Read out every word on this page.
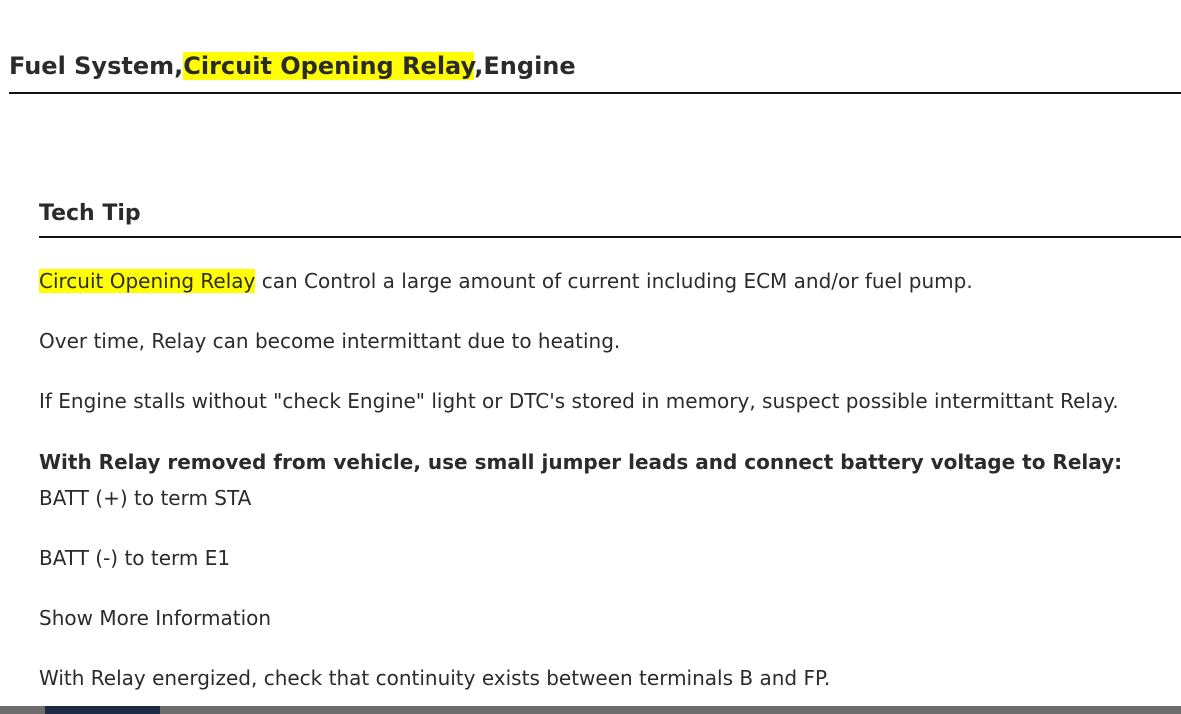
Fuel System,Circuit Opening Relay,Engine
Tech Tip
Circuit Opening Relay can Control a large amount of current including ECM and/or fuel pump.
Over time, Relay can become intermittant due to heating.
If Engine stalls without "check Engine" light or DTC's stored in memory, suspect possible intermittant Relay.
With Relay removed from vehicle, use small jumper leads and connect battery voltage to Relay:
BATT (+) to term STA
BATT (-) to term E1
Show More Information
With Relay energized, check that continuity exists between terminals B and FP.
